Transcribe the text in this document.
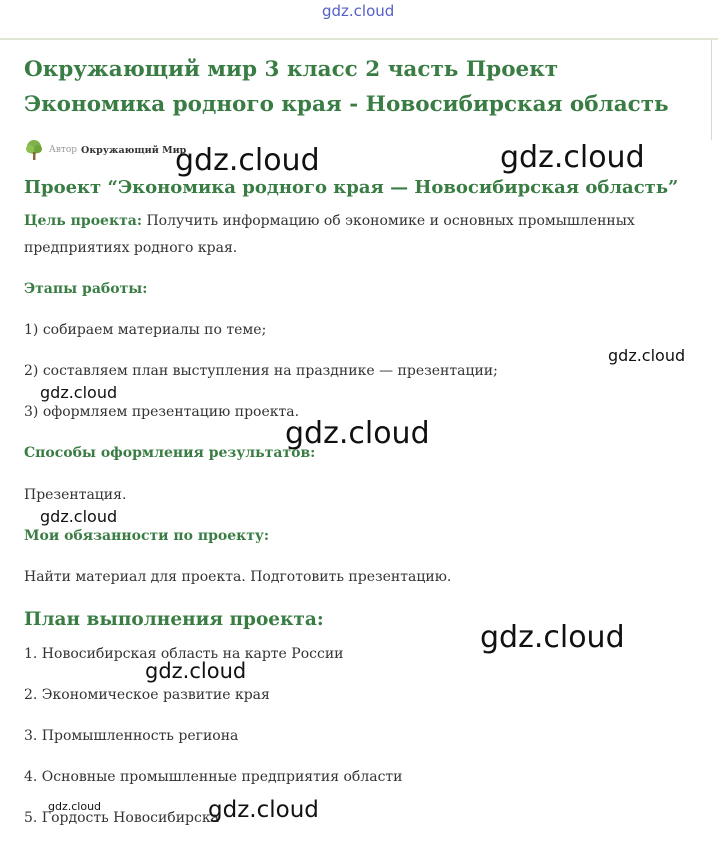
gdz.cloud
Окружающий мир 3 класс 2 часть Проект
Экономика родного края - Новосибирская область
Автор Окружающий Мир
Проект “Экономика родного края — Новосибирская область”

Цель проекта: Получить информацию об экономике и основных промышленных
предприятиях родного края.

Этапы работы:

1) собираем материалы по теме;

2) составляем план выступления на празднике — презентации;

3) оформляем презентацию проекта.

Способы оформления результатов:

Презентация.

Мои обязанности по проекту:

Найти материал для проекта. Подготовить презентацию.

План выполнения проекта:

1. Новосибирская область на карте России

2. Экономическое развитие края

3. Промышленность региона

4. Основные промышленные предприятия области

5. Гордость Новосибирска

gdz.cloud	gdz.cloud
gdz.cloud
gdz.cloud
gdz.cloud
gdz.cloud
gdz.cloud
gdz.cloud
gdz.cloud	gdz.cloud
